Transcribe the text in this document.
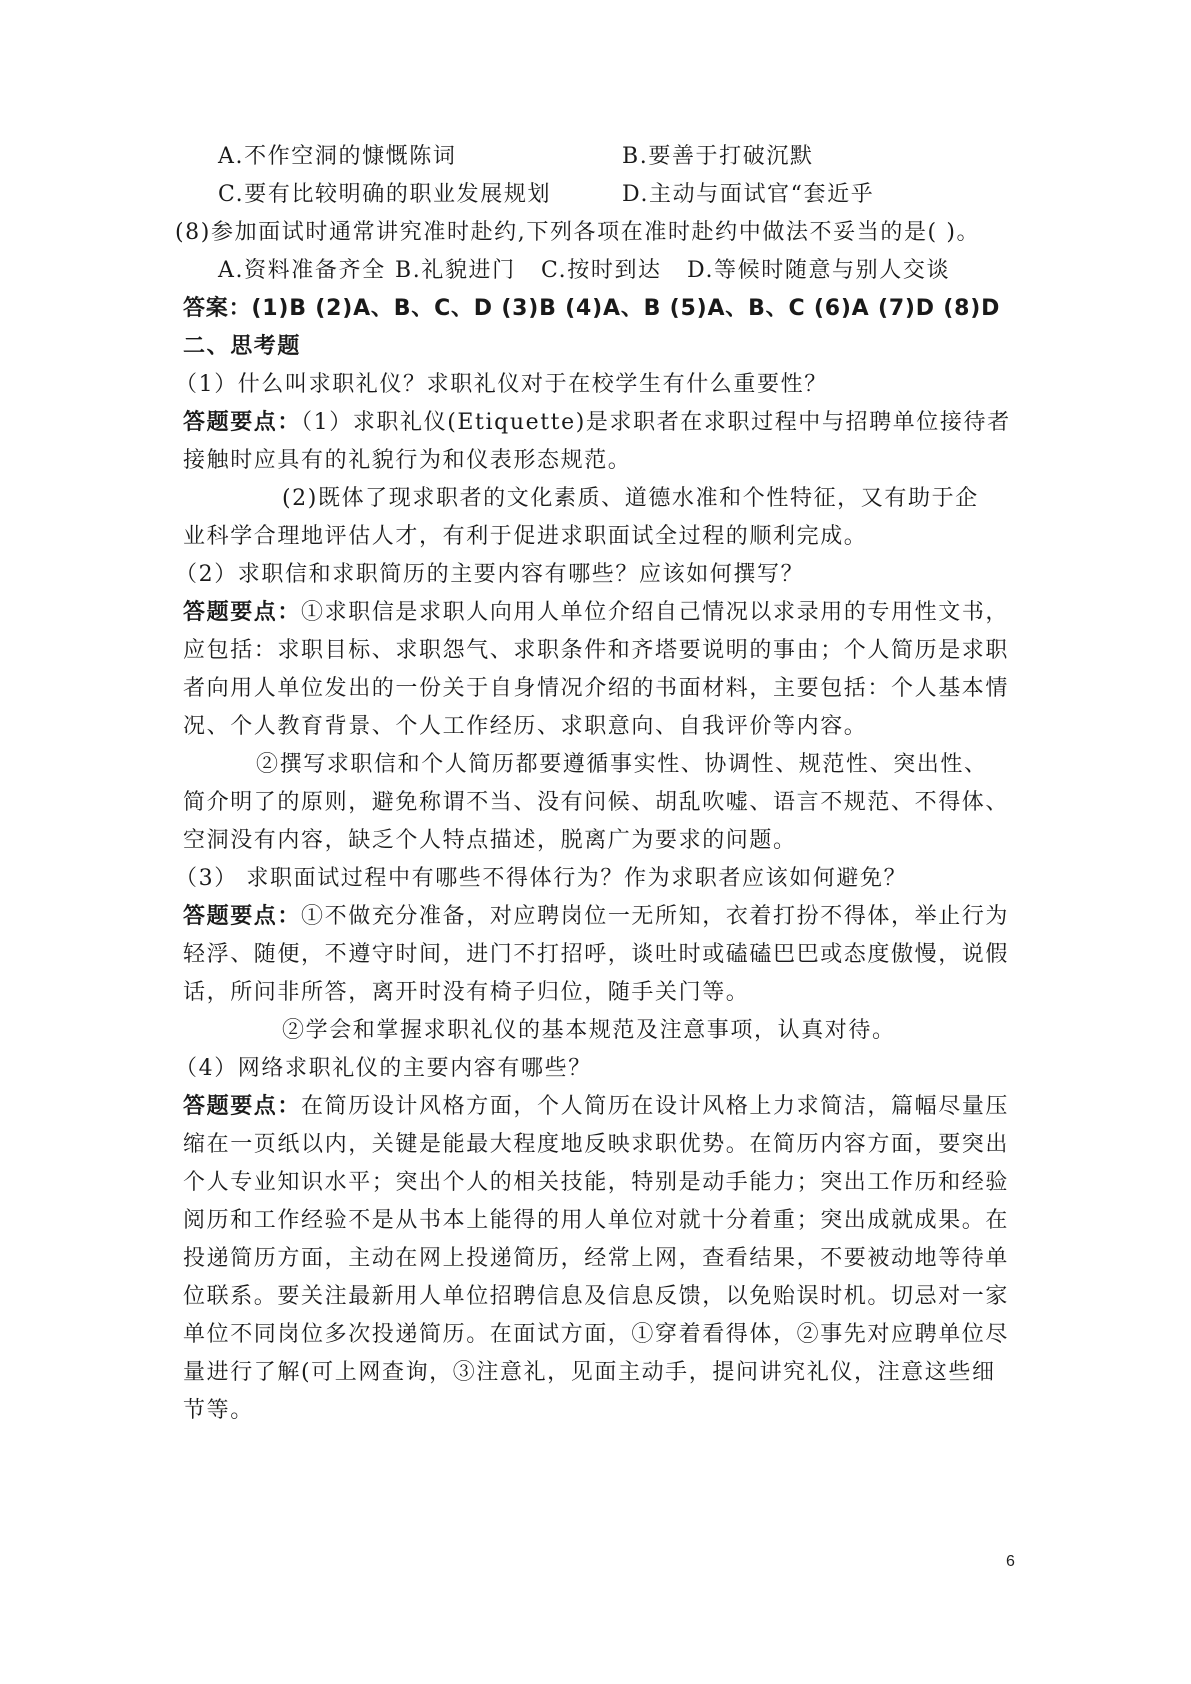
A.不作空洞的慷慨陈词	B.要善于打破沉默
C.要有比较明确的职业发展规划	D.主动与面试官“套近乎
(8)参加面试时通常讲究准时赴约,下列各项在准时赴约中做法不妥当的是( )。
A.资料准备齐全 B.礼貌进门 C.按时到达 D.等候时随意与别人交谈
答案：(1)B (2)A、B、C、D (3)B (4)A、B (5)A、B、C (6)A (7)D (8)D
二、思考题
（1）什么叫求职礼仪？求职礼仪对于在校学生有什么重要性？
答题要点：（1）求职礼仪(Etiquette)是求职者在求职过程中与招聘单位接待者
接触时应具有的礼貌行为和仪表形态规范。
(2)既体了现求职者的文化素质、道德水准和个性特征，又有助于企
业科学合理地评估人才，有利于促进求职面试全过程的顺利完成。
（2）求职信和求职简历的主要内容有哪些？应该如何撰写？
答题要点：①求职信是求职人向用人单位介绍自己情况以求录用的专用性文书，
应包括：求职目标、求职怨气、求职条件和齐塔要说明的事由；个人简历是求职
者向用人单位发出的一份关于自身情况介绍的书面材料，主要包括：个人基本情
况、个人教育背景、个人工作经历、求职意向、自我评价等内容。
②撰写求职信和个人简历都要遵循事实性、协调性、规范性、突出性、
简介明了的原则，避免称谓不当、没有问候、胡乱吹嘘、语言不规范、不得体、
空洞没有内容，缺乏个人特点描述，脱离广为要求的问题。
（3） 求职面试过程中有哪些不得体行为？作为求职者应该如何避免？
答题要点：①不做充分准备，对应聘岗位一无所知，衣着打扮不得体，举止行为
轻浮、随便，不遵守时间，进门不打招呼，谈吐时或磕磕巴巴或态度傲慢，说假
话，所问非所答，离开时没有椅子归位，随手关门等。
②学会和掌握求职礼仪的基本规范及注意事项，认真对待。
（4）网络求职礼仪的主要内容有哪些？
答题要点：在简历设计风格方面，个人简历在设计风格上力求简洁，篇幅尽量压
缩在一页纸以内，关键是能最大程度地反映求职优势。在简历内容方面，要突出
个人专业知识水平；突出个人的相关技能，特别是动手能力；突出工作历和经验
阅历和工作经验不是从书本上能得的用人单位对就十分着重；突出成就成果。在
投递简历方面，主动在网上投递简历，经常上网，查看结果，不要被动地等待单
位联系。要关注最新用人单位招聘信息及信息反馈，以免贻误时机。切忌对一家
单位不同岗位多次投递简历。在面试方面，①穿着看得体，②事先对应聘单位尽
量进行了解(可上网查询，③注意礼，见面主动手，提问讲究礼仪，注意这些细
节等。
6
